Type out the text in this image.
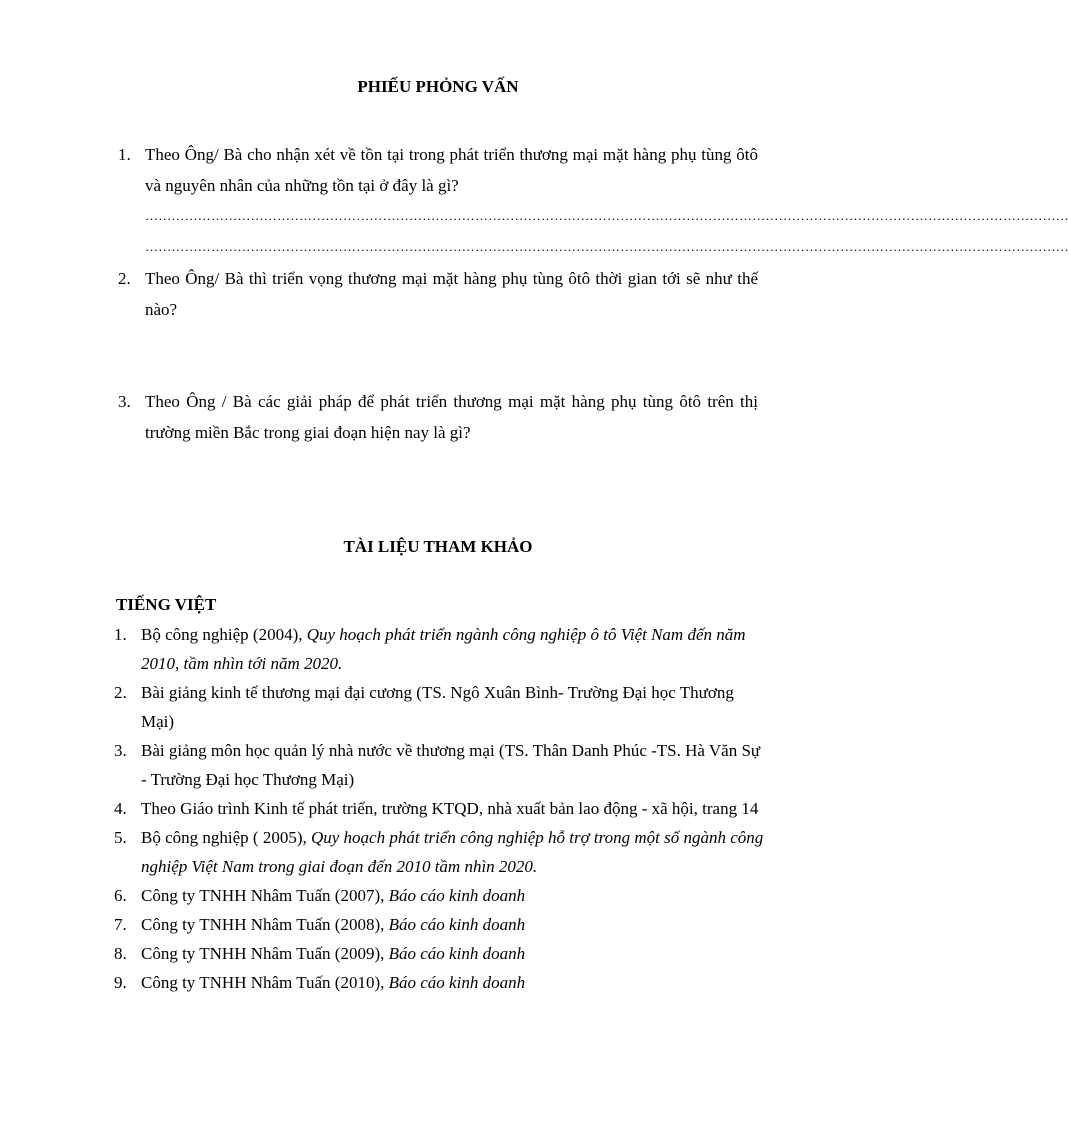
PHIẾU PHỎNG VẤN
1. Theo Ông/ Bà cho nhận xét về tồn tại trong phát triển thương mại mặt hàng phụ tùng ôtô và nguyên nhân của những tồn tại ở đây là gì?
…………………………………………………………………………………………………………………………………………………………………………………………
…………………………………………………………………………………………………………………………………………………………………………………………
2. Theo Ông/ Bà thì triển vọng thương mại mặt hàng phụ tùng ôtô thời gian tới sẽ như thế nào?
3. Theo Ông / Bà các giải pháp để phát triển thương mại mặt hàng phụ tùng ôtô trên thị trường miền Bắc trong giai đoạn hiện nay là gì?
TÀI LIỆU THAM KHẢO
TIẾNG VIỆT
1. Bộ công nghiệp (2004), Quy hoạch phát triển ngành công nghiệp ô tô Việt Nam đến năm 2010, tầm nhìn tới năm 2020.
2. Bài giảng kinh tế thương mại đại cương (TS. Ngô Xuân Bình- Trường Đại học Thương Mại)
3. Bài giảng môn học quản lý nhà nước về thương mại (TS. Thân Danh Phúc -TS. Hà Văn Sự - Trường Đại học Thương Mại)
4. Theo Giáo trình Kinh tế phát triển, trường KTQD, nhà xuất bản lao động - xã hội, trang 14
5. Bộ công nghiệp ( 2005), Quy hoạch phát triển công nghiệp hỗ trợ trong một số ngành công nghiệp Việt Nam trong giai đoạn đến 2010 tầm nhìn 2020.
6. Công ty TNHH Nhâm Tuấn (2007), Báo cáo kinh doanh
7. Công ty TNHH Nhâm Tuấn (2008), Báo cáo kinh doanh
8. Công ty TNHH Nhâm Tuấn (2009), Báo cáo kinh doanh
9. Công ty TNHH Nhâm Tuấn (2010), Báo cáo kinh doanh
